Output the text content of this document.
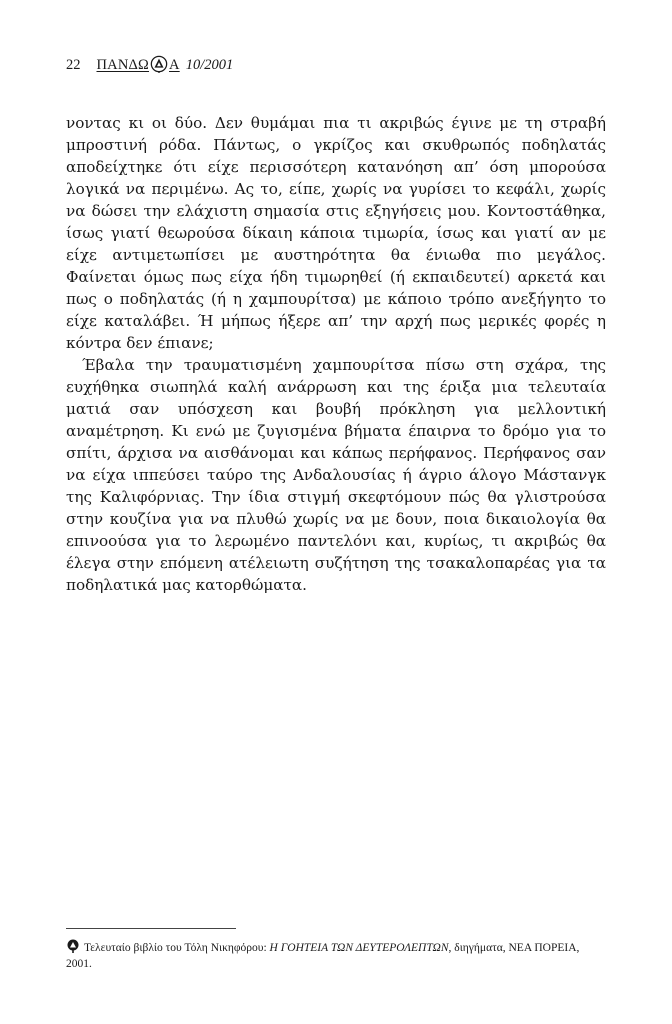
22 ΠΑΝΔΩ Α 10/2001

νοντας κι οι δύο. Δεν θυμάμαι πια τι ακριβώς έγινε με τη στραβή μπροστινή ρόδα. Πάντως, ο γκρίζος και σκυθρωπός ποδηλατάς αποδείχτηκε ότι είχε περισσότερη κατανόηση απ’ όση μπορούσα λογικά να περιμένω. Ας το, είπε, χωρίς να γυρίσει το κεφάλι, χωρίς να δώσει την ελάχιστη σημασία στις εξηγήσεις μου. Κοντοστάθηκα, ίσως γιατί θεωρούσα δίκαιη κάποια τιμωρία, ίσως και γιατί αν με είχε αντιμετωπίσει με αυστηρότητα θα ένιωθα πιο μεγάλος. Φαίνεται όμως πως είχα ήδη τιμωρηθεί (ή εκπαιδευτεί) αρκετά και πως ο ποδηλατάς (ή η χαμπουρίτσα) με κάποιο τρόπο ανεξήγητο το είχε καταλάβει. Ή μήπως ήξερε απ’ την αρχή πως μερικές φορές η κόντρα δεν έπιανε;

Έβαλα την τραυματισμένη χαμπουρίτσα πίσω στη σχάρα, της ευχήθηκα σιωπηλά καλή ανάρρωση και της έριξα μια τελευταία ματιά σαν υπόσχεση και βουβή πρόκληση για μελλοντική αναμέτρηση. Κι ενώ με ζυγισμένα βήματα έπαιρνα το δρόμο για το σπίτι, άρχισα να αισθάνομαι και κάπως περήφανος. Περήφανος σαν να είχα ιππεύσει ταύρο της Ανδαλουσίας ή άγριο άλογο Μάστανγκ της Καλιφόρνιας. Την ίδια στιγμή σκεφτόμουν πώς θα γλιστρούσα στην κουζίνα για να πλυθώ χωρίς να με δουν, ποια δικαιολογία θα επινοούσα για το λερωμένο παντελόνι και, κυρίως, τι ακριβώς θα έλεγα στην επόμενη ατέλειωτη συζήτηση της τσακαλοπαρέας για τα ποδηλατικά μας κατορθώματα.

Τελευταίο βιβλίο του Τόλη Νικηφόρου: Η ΓΟΗΤΕΙΑ ΤΩΝ ΔΕΥΤΕΡΟΛΕΠΤΩΝ, διηγήματα, ΝΕΑ ΠΟΡΕΙΑ, 2001.
